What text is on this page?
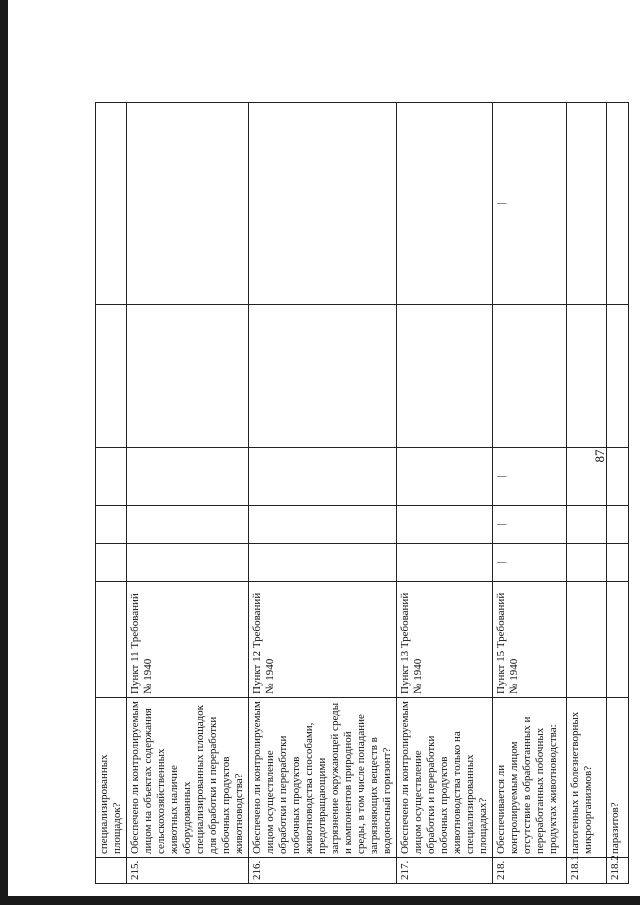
87
	специализированных площадок?						
215.	Обеспечено ли контролируемым лицом на объектах содержания сельскохозяйственных животных наличие оборудованных специализированных площадок для обработки и переработки побочных продуктов животноводства?	Пункт 11 Требований № 1940					
216.	Обеспечено ли контролируемым лицом осуществление обработки и переработки побочных продуктов животноводства способами, предотвращающими загрязнение окружающей среды и компонентов природной среды, в том числе попадание загрязняющих веществ в водоносный горизонт?	Пункт 12 Требований № 1940					
217.	Обеспечено ли контролируемым лицом осуществление обработки и переработки побочных продуктов животноводства только на специализированных площадках?	Пункт 13 Требований № 1940					
218.	Обеспечивается ли контролируемым лицом отсутствие в обработанных и переработанных побочных продуктах животноводства:	Пункт 15 Требований № 1940	|	|	|		|

218.1	патогенных и болезнетворных микроорганизмов?						
218.2	паразитов?						
